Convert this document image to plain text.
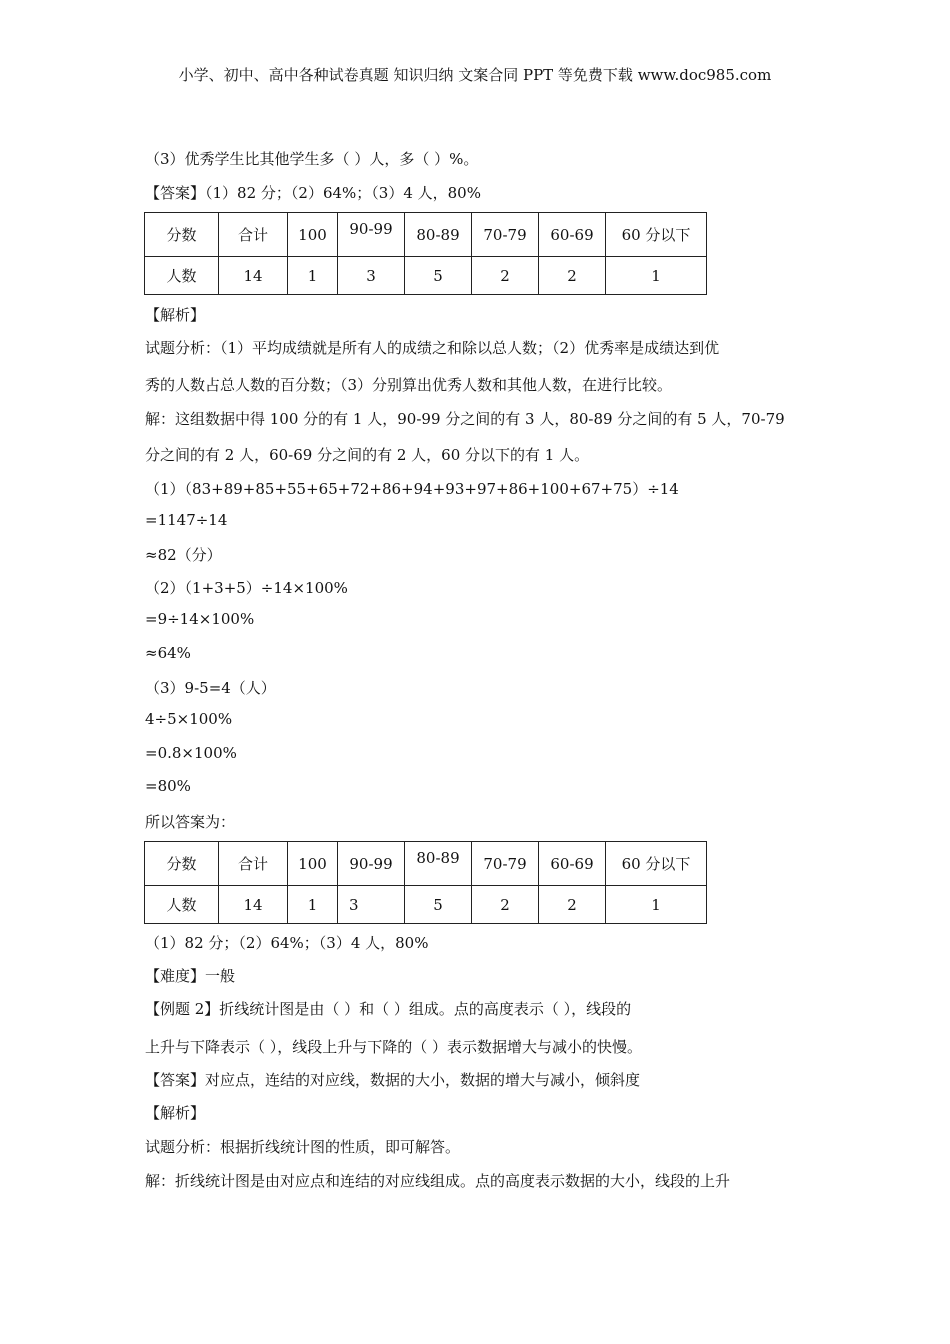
小学、初中、高中各种试卷真题 知识归纳 文案合同 PPT 等免费下载 www.doc985.com
（3）优秀学生比其他学生多（ ）人，多（ ）%。
【答案】（1）82 分；（2）64%；（3）4 人，80%
分数	合计	100	90-99	80-89	70-79	60-69	60 分以下
人数	14	1	3	5	2	2	1
【解析】
试题分析：（1）平均成绩就是所有人的成绩之和除以总人数；（2）优秀率是成绩达到优
秀的人数占总人数的百分数；（3）分别算出优秀人数和其他人数，在进行比较。
解：这组数据中得 100 分的有 1 人，90-99 分之间的有 3 人，80-89 分之间的有 5 人，70-79
分之间的有 2 人，60-69 分之间的有 2 人，60 分以下的有 1 人。
（1）（83+89+85+55+65+72+86+94+93+97+86+100+67+75）÷14
=1147÷14
≈82（分）
（2）（1+3+5）÷14×100%
=9÷14×100%
≈64%
（3）9-5=4（人）
4÷5×100%
=0.8×100%
=80%
所以答案为：
分数	合计	100	90-99	80-89	70-79	60-69	60 分以下
人数	14	1	3	5	2	2	1
（1）82 分；（2）64%；（3）4 人，80%
【难度】一般
【例题 2】折线统计图是由（ ）和（ ）组成。点的高度表示（ ），线段的
上升与下降表示（ ），线段上升与下降的（ ）表示数据增大与减小的快慢。
【答案】对应点，连结的对应线，数据的大小，数据的增大与减小，倾斜度
【解析】
试题分析：根据折线统计图的性质，即可解答。
解：折线统计图是由对应点和连结的对应线组成。点的高度表示数据的大小，线段的上升
